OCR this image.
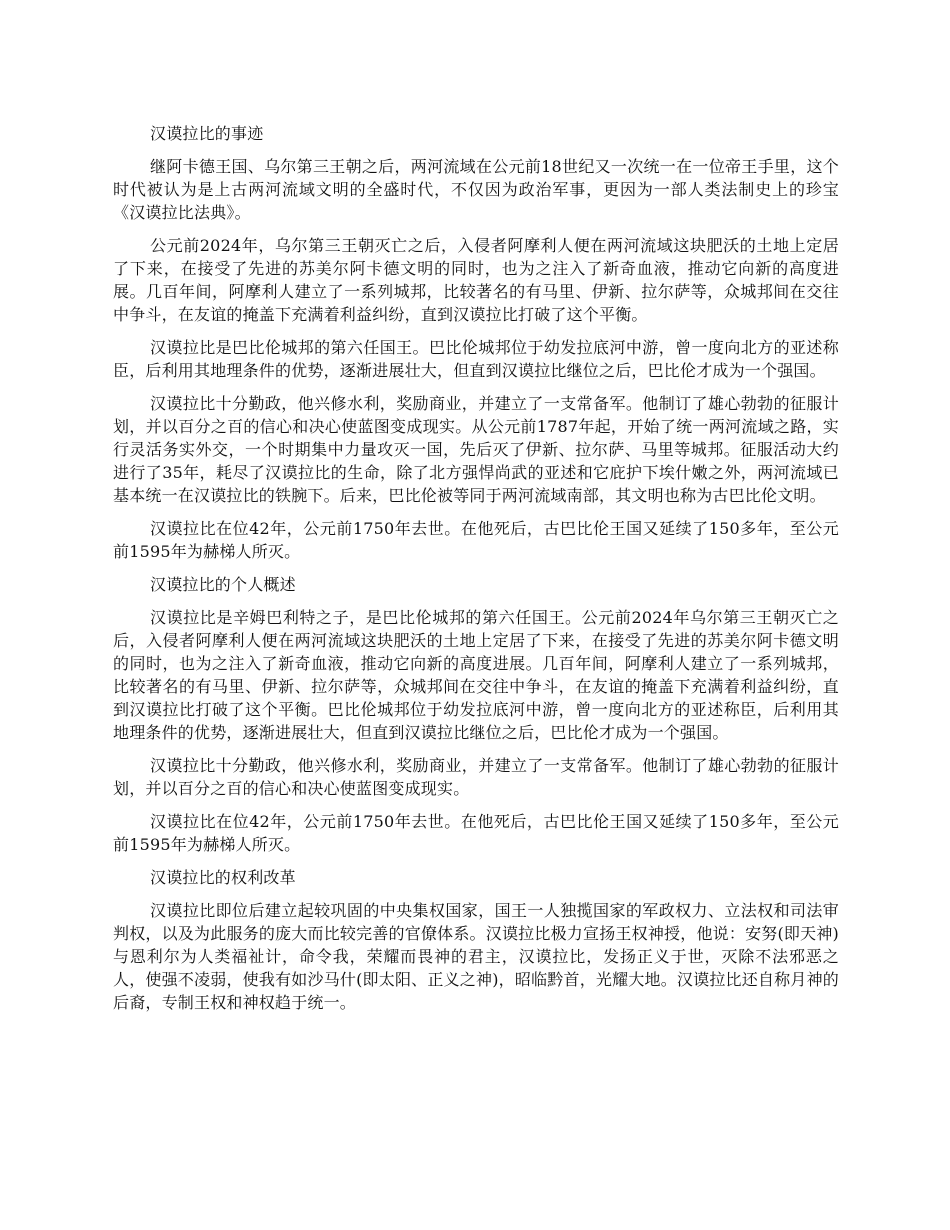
汉谟拉比的事迹

继阿卡德王国、乌尔第三王朝之后，两河流域在公元前18世纪又一次统一在一位帝王手里，这个时代被认为是上古两河流域文明的全盛时代，不仅因为政治军事，更因为一部人类法制史上的珍宝《汉谟拉比法典》。

公元前2024年，乌尔第三王朝灭亡之后，入侵者阿摩利人便在两河流域这块肥沃的土地上定居了下来，在接受了先进的苏美尔阿卡德文明的同时，也为之注入了新奇血液，推动它向新的高度进展。几百年间，阿摩利人建立了一系列城邦，比较著名的有马里、伊新、拉尔萨等，众城邦间在交往中争斗，在友谊的掩盖下充满着利益纠纷，直到汉谟拉比打破了这个平衡。

汉谟拉比是巴比伦城邦的第六任国王。巴比伦城邦位于幼发拉底河中游，曾一度向北方的亚述称臣，后利用其地理条件的优势，逐渐进展壮大，但直到汉谟拉比继位之后，巴比伦才成为一个强国。

汉谟拉比十分勤政，他兴修水利，奖励商业，并建立了一支常备军。他制订了雄心勃勃的征服计划，并以百分之百的信心和决心使蓝图变成现实。从公元前1787年起，开始了统一两河流域之路，实行灵活务实外交，一个时期集中力量攻灭一国，先后灭了伊新、拉尔萨、马里等城邦。征服活动大约进行了35年，耗尽了汉谟拉比的生命，除了北方强悍尚武的亚述和它庇护下埃什嫩之外，两河流域已基本统一在汉谟拉比的铁腕下。后来，巴比伦被等同于两河流域南部，其文明也称为古巴比伦文明。

汉谟拉比在位42年，公元前1750年去世。在他死后，古巴比伦王国又延续了150多年，至公元前1595年为赫梯人所灭。

汉谟拉比的个人概述

汉谟拉比是辛姆巴利特之子，是巴比伦城邦的第六任国王。公元前2024年乌尔第三王朝灭亡之后，入侵者阿摩利人便在两河流域这块肥沃的土地上定居了下来，在接受了先进的苏美尔阿卡德文明的同时，也为之注入了新奇血液，推动它向新的高度进展。几百年间，阿摩利人建立了一系列城邦，比较著名的有马里、伊新、拉尔萨等，众城邦间在交往中争斗，在友谊的掩盖下充满着利益纠纷，直到汉谟拉比打破了这个平衡。巴比伦城邦位于幼发拉底河中游，曾一度向北方的亚述称臣，后利用其地理条件的优势，逐渐进展壮大，但直到汉谟拉比继位之后，巴比伦才成为一个强国。

汉谟拉比十分勤政，他兴修水利，奖励商业，并建立了一支常备军。他制订了雄心勃勃的征服计划，并以百分之百的信心和决心使蓝图变成现实。

汉谟拉比在位42年，公元前1750年去世。在他死后，古巴比伦王国又延续了150多年，至公元前1595年为赫梯人所灭。

汉谟拉比的权利改革

汉谟拉比即位后建立起较巩固的中央集权国家，国王一人独揽国家的军政权力、立法权和司法审判权，以及为此服务的庞大而比较完善的官僚体系。汉谟拉比极力宣扬王权神授，他说：安努(即天神)与恩利尔为人类福祉计，命令我，荣耀而畏神的君主，汉谟拉比，发扬正义于世，灭除不法邪恶之人，使强不凌弱，使我有如沙马什(即太阳、正义之神)，昭临黔首，光耀大地。汉谟拉比还自称月神的后裔，专制王权和神权趋于统一。
